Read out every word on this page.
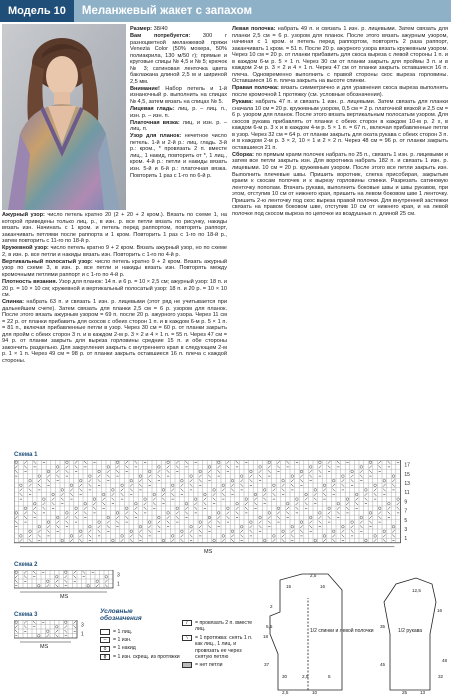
Модель 10	Меланжевый жакет с запахом

Размер: 38/40

Вам потребуется: 300 г разноцветной меланжевой пряжи Venezia Color (50% мохера, 50% полиакрила, 130 м/50 г); прямые и круговые спицы № 4,5 и № 5; крючок № 3; сатиновая ленточка цвета баклажана длиной 2,5 м и шириной 2,5 мм.

Внимание! Набор петель и 1-й изнаночный р. выполнить на спицах № 4,5, затем вязать на спицах № 5.

Лицевая гладь: лиц. р. – лиц. п., изн. р. – изн. п.

Платочная вязка: лиц. и изн. р. – лиц. п.

Узор для планок: нечетное число петель. 1-й и 2-й р.: лиц. гладь. 3-й р.: кром., * провязать 2 п. вместе лиц., 1 накид, повторить от *, 1 лиц., кром. 4-й р.: петли и накиды вязать изн. 5-й и 6-й р.: платочная вязка. Повторить 1 раз с 1-го по 6-й р.

Ажурный узор: число петель кратно 20 (2 + 20 + 2 кром.). Вязать по схеме 1, на которой приведены только лиц. р., в изн. р. все петли вязать по рисунку, накиды вязать изн. Начинать с 1 кром. и петель перед раппортом, повторять раппорт, заканчивать петлями после раппорта и 1 кром. Повторить 1 раз с 1-го по 18-й р., затем повторить с 11-го по 18-й р.

Кружевной узор: число петель кратно 9 + 2 кром. Вязать ажурный узор, но по схеме 2, в изн. р. все петли и накиды вязать изн. Повторить с 1-го по 4-й р.

Вертикальный полосатый узор: число петель кратно 9 + 2 кром. Вязать ажурный узор по схеме 3, в изн. р. все петли и накиды вязать изн. Повторять между кромочными петлями раппорт и с 1-го по 4-й р.

Плотность вязания. Узор для планок: 14 п. и 6 р. = 10 × 2,5 см; ажурный узор: 18 п. и 20 р. = 10 × 10 см; кружевной и вертикальный полосатый узор: 18 п. и 20 р. = 10 × 10 см.

Спинка: набрать 63 п. и связать 1 изн. р. лицевыми (этот ряд не учитывается при дальнейшем счете). Затем связать для планки 2,5 см = 6 р. узором для планок. После этого вязать ажурным узором = 69 п. после 20 р. ажурного узора. Через 11 см = 22 р. от планки прибавить для скосов с обеих сторон 1 п. и в каждом 6-м р. 5 × 1 п. = 81 п., включая прибавленные петли в узор. Через 30 см = 60 р. от планки закрыть для пройм с обеих сторон 3 п. и в каждом 2-м р. 3 × 2 и 4 × 1 п. = 55 п. Через 47 см = 94 р. от планки закрыть для выреза горловины средние 15 п. и обе стороны закончить раздельно. Для закругления закрыть с внутреннего края в следующем 2-м р. 1 × 1 п. Через 49 см = 98 р. от планки закрыть оставшиеся 16 п. плеча с каждой стороны.

Левая полочка: набрать 49 п. и связать 1 изн. р. лицевыми. Затем связать для планки 2,5 см = 6 р. узором для планок. После этого вязать ажурным узором, начиная с 1 кром. и петель перед раппортом, повторять 2 раза раппорт, заканчивать 1 кром. = 51 п. После 20 р. ажурного узора вязать кружевным узором. Через 10 см = 20 р. от планки прибавить для скоса выреза с левой стороны 1 п. и в каждом 6-м р. 5 × 1 п. Через 30 см от планки закрыть для проймы 3 п. и в каждом 2-м р. 3 × 2 и 4 × 1 п. Через 47 см от планки закрыть оставшиеся 16 п. плеча. Одновременно выполнить с правой стороны скос выреза горловины. Оставшиеся 16 п. плеча закрыть на высоте спинки.

Правая полочка: вязать симметрично и для уравнения скоса выреза выполнять после кромочной 1 протяжку (см. условные обозначения).

Рукава: набрать 47 п. и связать 1 изн. р. лицевыми. Затем связать для планки сначала 10 см = 20 р. кружевным узором, 0,5 см = 2 р. платочной вязкой и 2,5 см = 6 р. узором для планок. После этого вязать вертикальным полосатым узором. Для скосов рукава прибавлять от планки с обеих сторон в каждом 10-м р. 2 х, в каждом 6-м р. 3 х и в каждом 4-м р. 5 × 1 п. = 67 п., включая прибавленные петли в узор. Через 32 см = 64 р. от планки закрыть для оката рукава с обеих сторон 3 п. и в каждом 2-м р. 3 × 2, 10 × 1 и 2 × 2 п. Через 48 см = 96 р. от планки закрыть оставшиеся 21 п.

Сборка: по прямым краям полочек набрать по 25 п., связать 1 изн. р. лицевыми и затем все петли закрыть изн. Для воротника набрать 182 п. и связать 1 изн. р. лицевыми. 10 см = 20 р. кружевным узором. После этого все петли закрыть изн. Выполнить плечевые швы. Пришить воротник, слегка присобирая, закрытым краем к скосам полочек и к вырезу горловины спинки. Разрезать сатиновую ленточку пополам. Втачать рукава, выполнить боковые швы и швы рукавов, при этом, отступив 10 см от нижнего края, пришить на левом боковом шве 1 ленточку. Пришить 2-ю ленточку под скос выреза правой полочки. Для внутренней застежки связать на правом боковом шве, отступив 10 см от нижнего края, и на левой полочке под скосом выреза по цепочке из воздушных п. длиной 25 см.

Схема 1
17
15
13
11
9
7
5
3
1
MS
Схема 2
3
1
MS
Схема 3
3
1
MS
Условные обозначения
= 1 лиц.
–	= 1 изн.
o	= 1 накид
ɸ	= 1 изн. скрещ. из протяжки
/	= провязать 2 п. вместе лиц.
\	= 1 протяжка: снять 1 п. как лиц., 1 лиц. и провязать ее через снятую петлю
= нет петли
1/2 спинки и левой полочки	1/2 рукава
2,5
16
15
2
5,5
18
37
30	2,5	5
10
2,5
35
45
12,5
16
48
32
25	13
